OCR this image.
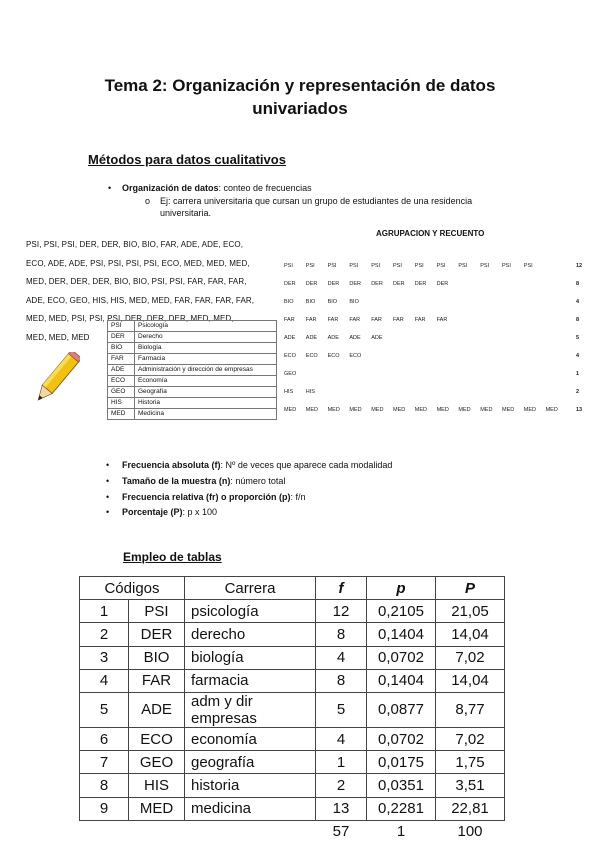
Tema 2: Organización y representación de datos
univariados
Métodos para datos cualitativos
• Organización de datos: conteo de frecuencias
o Ej: carrera universitaria que cursan un grupo de estudiantes de una residencia
universitaria.
PSI, PSI, PSI, DER, DER, BIO, BIO, FAR, ADE, ADE, ECO,
ECO, ADE, ADE, PSI, PSI, PSI, PSI, ECO, MED, MED, MED,
MED, DER, DER, DER, BIO, BIO, PSI, PSI, FAR, FAR, FAR,
ADE, ECO, GEO, HIS, HIS, MED, MED, FAR, FAR, FAR, FAR,
MED, MED, PSI, PSI, PSI, DER, DER, DER, MED, MED,
MED, MED, MED
PSI	Psicología
DER	Derecho
BIO	Biología
FAR	Farmacia
ADE	Administración y dirección de empresas
ECO	Economía
GEO	Geografía
HIS	Historia
MED	Medicina
AGRUPACION Y RECUENTO
PSI PSI PSI PSI PSI PSI PSI PSI PSI PSI PSI PSI	12
DER DER DER DER DER DER DER DER	8
BIO BIO BIO BIO	4
FAR FAR FAR FAR FAR FAR FAR FAR	8
ADE ADE ADE ADE ADE	5
ECO ECO ECO ECO	4
GEO	1
HIS HIS	2
MED MED MED MED MED MED MED MED MED MED MED MED MED	13
• Frecuencia absoluta (f): Nº de veces que aparece cada modalidad
• Tamaño de la muestra (n): número total
• Frecuencia relativa (fr) o proporción (p): f/n
• Porcentaje (P): p x 100
Empleo de tablas
Códigos		Carrera	f	p	P
1	PSI	psicología	12	0,2105	21,05
2	DER	derecho	8	0,1404	14,04
3	BIO	biología	4	0,0702	7,02
4	FAR	farmacia	8	0,1404	14,04
5	ADE	adm y dir empresas	5	0,0877	8,77
6	ECO	economía	4	0,0702	7,02
7	GEO	geografía	1	0,0175	1,75
8	HIS	historia	2	0,0351	3,51
9	MED	medicina	13	0,2281	22,81
			57	1	100
